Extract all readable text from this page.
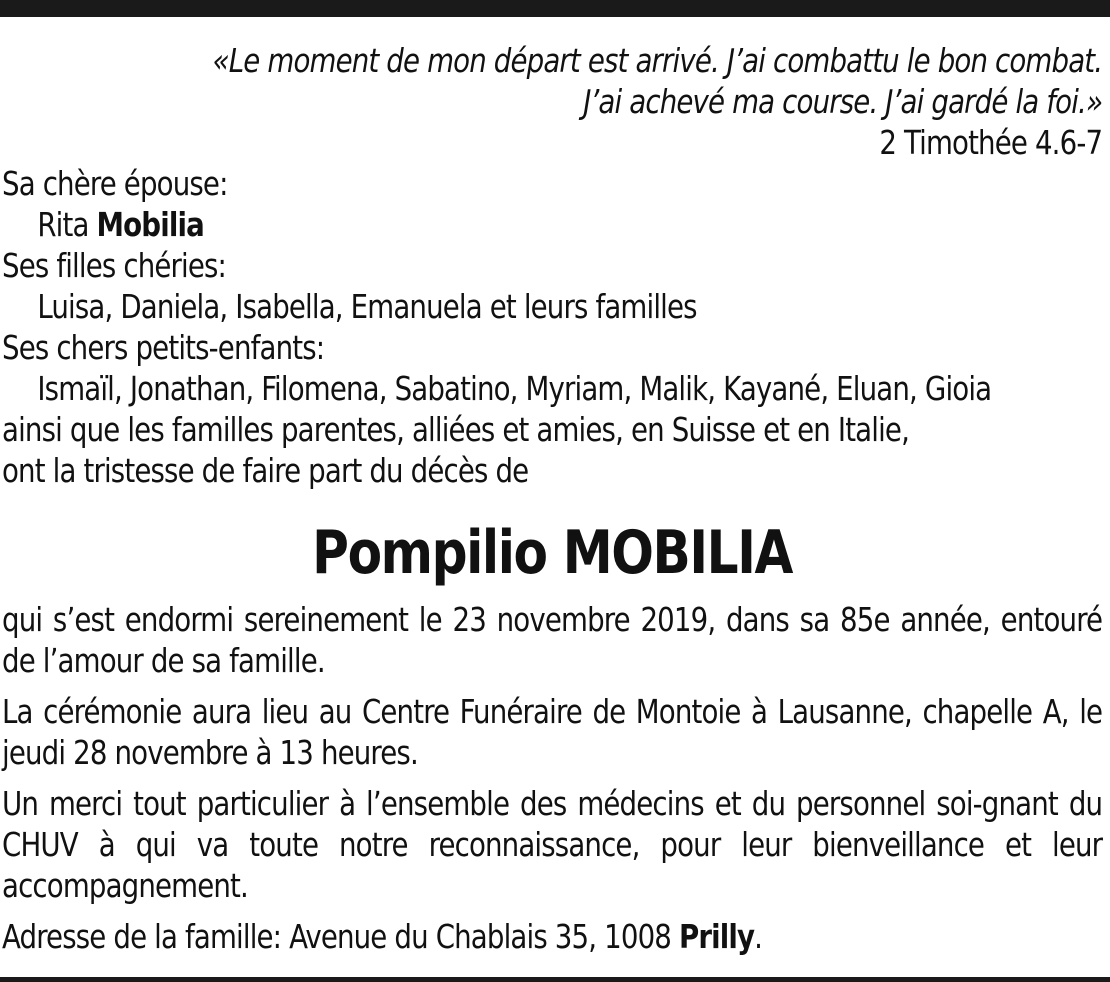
«Le moment de mon départ est arrivé. J’ai combattu le bon combat.
J’ai achevé ma course. J’ai gardé la foi.»
2 Timothée 4.6-7
Sa chère épouse:
Rita Mobilia
Ses filles chéries:
Luisa, Daniela, Isabella, Emanuela et leurs familles
Ses chers petits-enfants:
Ismaïl, Jonathan, Filomena, Sabatino, Myriam, Malik, Kayané, Eluan, Gioia
ainsi que les familles parentes, alliées et amies, en Suisse et en Italie,
ont la tristesse de faire part du décès de
Pompilio MOBILIA
qui s’est endormi sereinement le 23 novembre 2019, dans sa 85e année, entouré de l’amour de sa famille.
La cérémonie aura lieu au Centre Funéraire de Montoie à Lausanne, chapelle A, le jeudi 28 novembre à 13 heures.
Un merci tout particulier à l’ensemble des médecins et du personnel soi-gnant du CHUV à qui va toute notre reconnaissance, pour leur bienveillance et leur accompagnement.
Adresse de la famille: Avenue du Chablais 35, 1008 Prilly.
